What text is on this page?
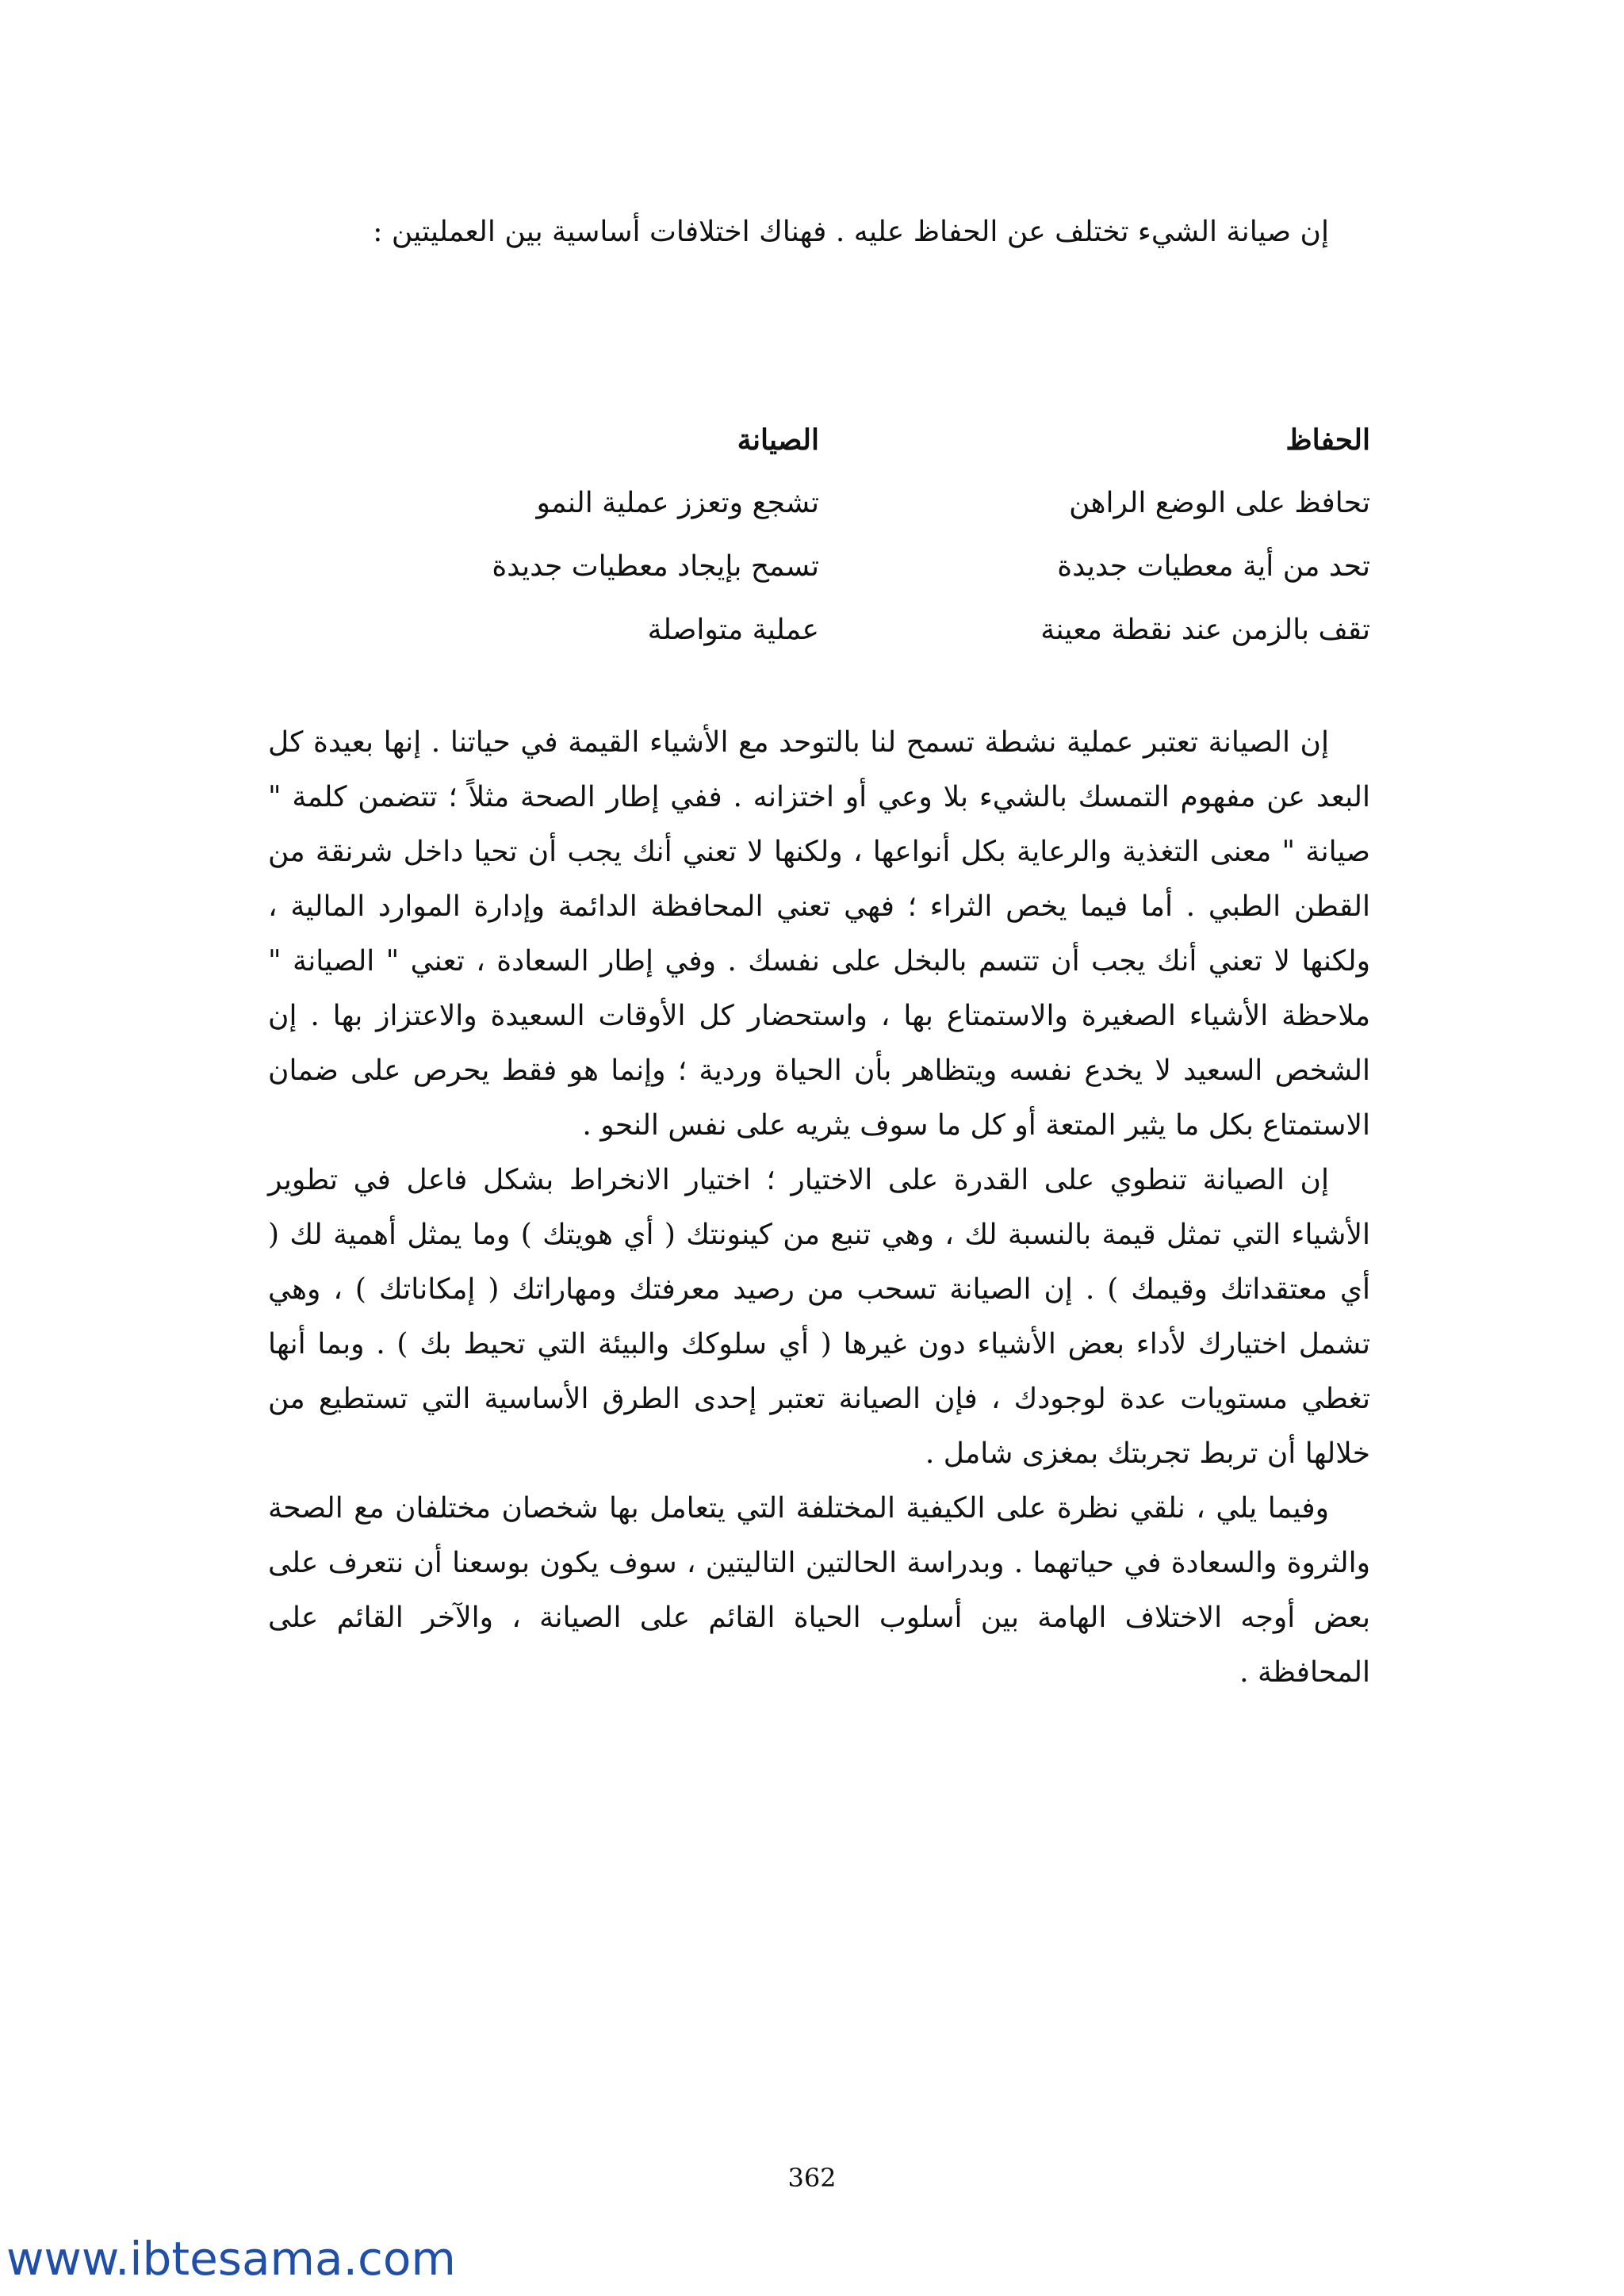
إن صيانة الشيء تختلف عن الحفاظ عليه . فهناك اختلافات أساسية بين العمليتين :

الحفاظ
تحافظ على الوضع الراهن
تحد من أية معطيات جديدة
تقف بالزمن عند نقطة معينة
الصيانة
تشجع وتعزز عملية النمو
تسمح بإيجاد معطيات جديدة
عملية متواصلة

إن الصيانة تعتبر عملية نشطة تسمح لنا بالتوحد مع الأشياء القيمة في حياتنا . إنها بعيدة كل البعد عن مفهوم التمسك بالشيء بلا وعي أو اختزانه . ففي إطار الصحة مثلاً ؛ تتضمن كلمة " صيانة " معنى التغذية والرعاية بكل أنواعها ، ولكنها لا تعني أنك يجب أن تحيا داخل شرنقة من القطن الطبي . أما فيما يخص الثراء ؛ فهي تعني المحافظة الدائمة وإدارة الموارد المالية ، ولكنها لا تعني أنك يجب أن تتسم بالبخل على نفسك . وفي إطار السعادة ، تعني " الصيانة " ملاحظة الأشياء الصغيرة والاستمتاع بها ، واستحضار كل الأوقات السعيدة والاعتزاز بها . إن الشخص السعيد لا يخدع نفسه ويتظاهر بأن الحياة وردية ؛ وإنما هو فقط يحرص على ضمان الاستمتاع بكل ما يثير المتعة أو كل ما سوف يثريه على نفس النحو .

إن الصيانة تنطوي على القدرة على الاختيار ؛ اختيار الانخراط بشكل فاعل في تطوير الأشياء التي تمثل قيمة بالنسبة لك ، وهي تنبع من كينونتك ( أي هويتك ) وما يمثل أهمية لك ( أي معتقداتك وقيمك ) . إن الصيانة تسحب من رصيد معرفتك ومهاراتك ( إمكاناتك ) ، وهي تشمل اختيارك لأداء بعض الأشياء دون غيرها ( أي سلوكك والبيئة التي تحيط بك ) . وبما أنها تغطي مستويات عدة لوجودك ، فإن الصيانة تعتبر إحدى الطرق الأساسية التي تستطيع من خلالها أن تربط تجربتك بمغزى شامل .

وفيما يلي ، نلقي نظرة على الكيفية المختلفة التي يتعامل بها شخصان مختلفان مع الصحة والثروة والسعادة في حياتهما . وبدراسة الحالتين التاليتين ، سوف يكون بوسعنا أن نتعرف على بعض أوجه الاختلاف الهامة بين أسلوب الحياة القائم على الصيانة ، والآخر القائم على المحافظة .

362
www.ibtesama.com
